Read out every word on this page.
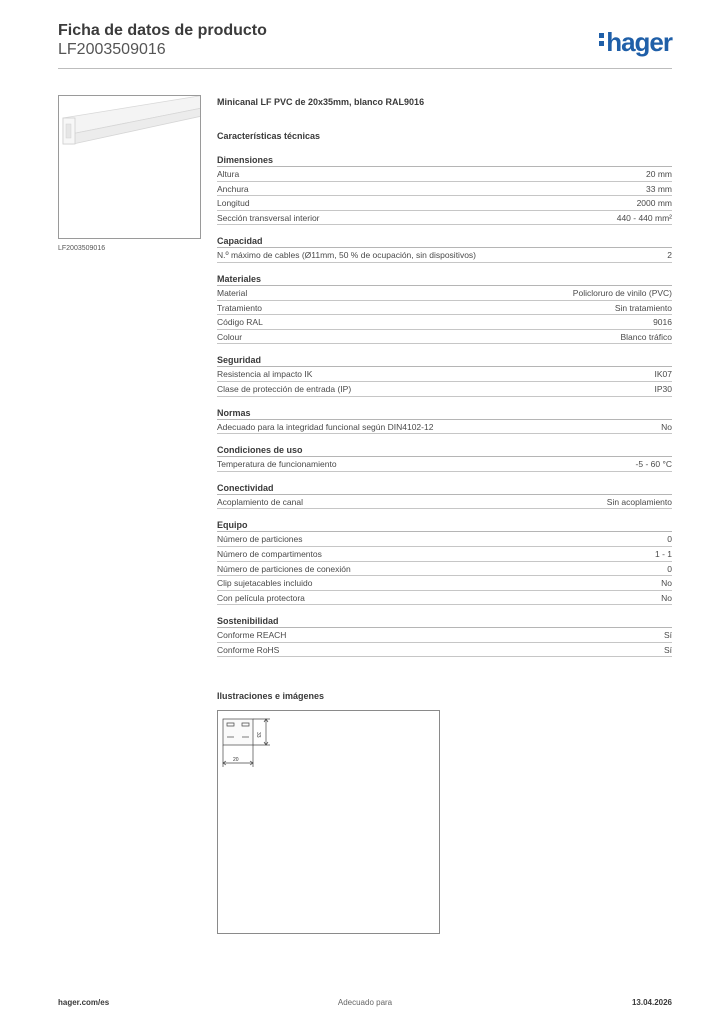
Ficha de datos de producto
LF2003509016	hager
LF2003509016
Minicanal LF PVC de 20x35mm, blanco RAL9016
Características técnicas
Dimensiones
Altura	20 mm
Anchura	33 mm
Longitud	2000 mm
Sección transversal interior	440 - 440 mm²
Capacidad
N.º máximo de cables (Ø11mm, 50 % de ocupación, sin dispositivos)	2
Materiales
Material	Policloruro de vinilo (PVC)
Tratamiento	Sin tratamiento
Código RAL	9016
Colour	Blanco tráfico
Seguridad
Resistencia al impacto IK	IK07
Clase de protección de entrada (IP)	IP30
Normas
Adecuado para la integridad funcional según DIN4102-12	No
Condiciones de uso
Temperatura de funcionamiento	-5 - 60 °C
Conectividad
Acoplamiento de canal	Sin acoplamiento
Equipo
Número de particiones	0
Número de compartimentos	1 - 1
Número de particiones de conexión	0
Clip sujetacables incluido	No
Con película protectora	No
Sostenibilidad
Conforme REACH	Sí
Conforme RoHS	Sí
Ilustraciones e imágenes
33
20
Adecuado para
hager.com/es	13.04.2026
